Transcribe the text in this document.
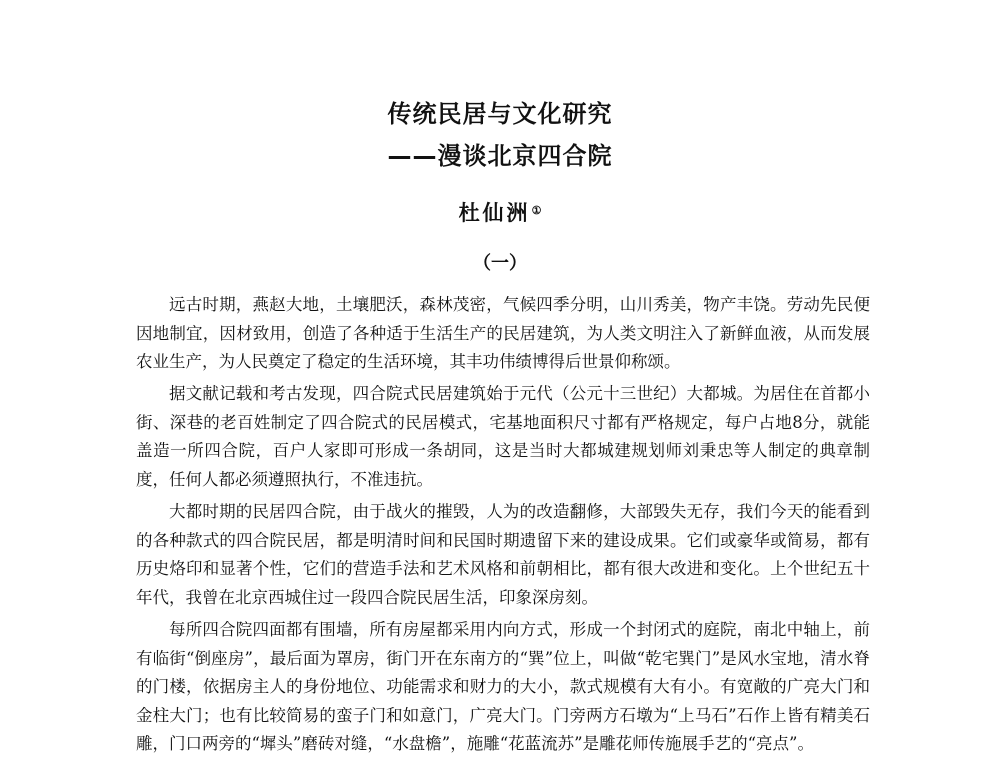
传统民居与文化研究
——漫谈北京四合院
杜仙洲①
（一）

远古时期，燕赵大地，土壤肥沃，森林茂密，气候四季分明，山川秀美，物产丰饶。劳动先民便因地制宜，因材致用，创造了各种适于生活生产的民居建筑，为人类文明注入了新鲜血液，从而发展农业生产，为人民奠定了稳定的生活环境，其丰功伟绩博得后世景仰称颂。

据文献记载和考古发现，四合院式民居建筑始于元代（公元十三世纪）大都城。为居住在首都小街、深巷的老百姓制定了四合院式的民居模式，宅基地面积尺寸都有严格规定，每户占地8分，就能盖造一所四合院，百户人家即可形成一条胡同，这是当时大都城建规划师刘秉忠等人制定的典章制度，任何人都必须遵照执行，不准违抗。

大都时期的民居四合院，由于战火的摧毁，人为的改造翻修，大部毁失无存，我们今天的能看到的各种款式的四合院民居，都是明清时间和民国时期遗留下来的建设成果。它们或豪华或简易，都有历史烙印和显著个性，它们的营造手法和艺术风格和前朝相比，都有很大改进和变化。上个世纪五十年代，我曾在北京西城住过一段四合院民居生活，印象深房刻。

每所四合院四面都有围墙，所有房屋都采用内向方式，形成一个封闭式的庭院，南北中轴上，前有临街“倒座房”，最后面为罩房，街门开在东南方的“巽”位上，叫做“乾宅巽门”是风水宝地，清水脊的门楼，依据房主人的身份地位、功能需求和财力的大小，款式规模有大有小。有宽敞的广亮大门和金柱大门；也有比较简易的蛮子门和如意门，广亮大门。门旁两方石墩为“上马石”石作上皆有精美石雕，门口两旁的“墀头”磨砖对缝，“水盘檐”，施雕“花蓝流苏”是雕花师传施展手艺的“亮点”。
